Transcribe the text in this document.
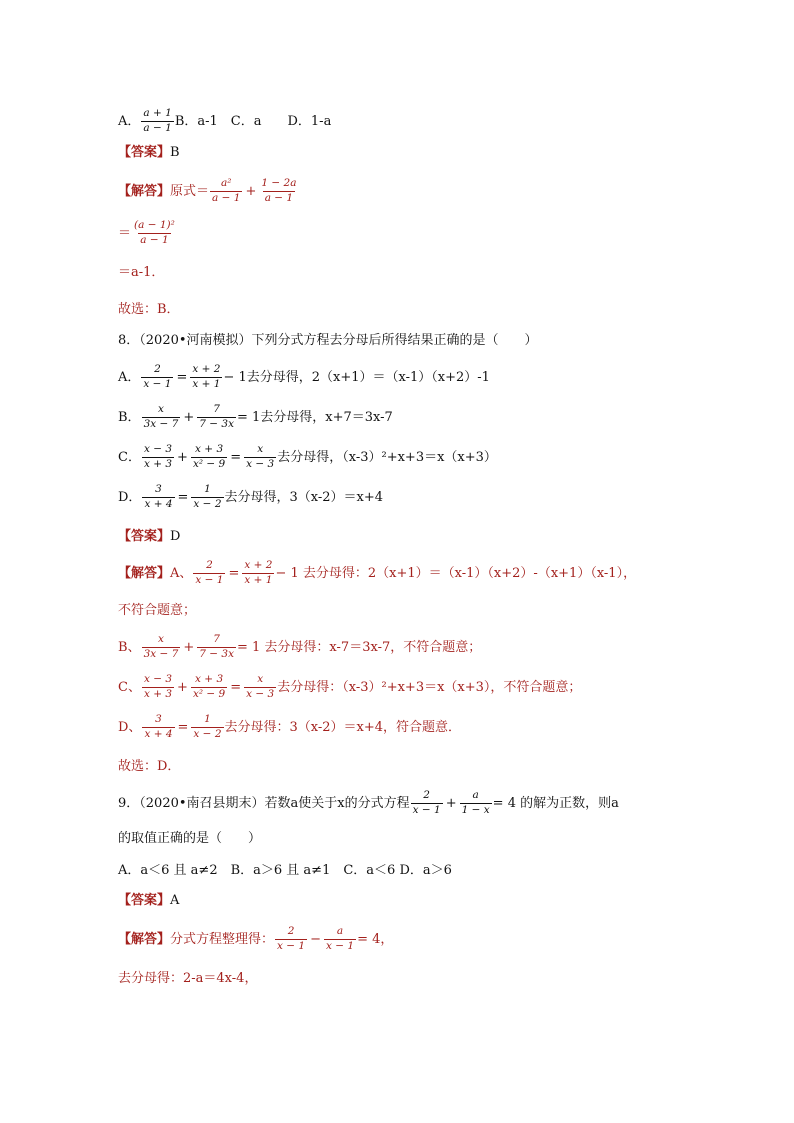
A． $\frac{a + 1}{a - 1}$ B．a-1　C．a　　D．1-a
【答案】 B
【解答】 原式＝ $\frac{\text{a²}}{a - 1} + \frac{1 - 2a}{a - 1}$
＝ $\frac{\text{(a − 1)²}}{a - 1}$
＝a-1．
故选：B．
8．（2020•河南模拟）下列分式方程去分母后所得结果正确的是（　　）
A． $\frac{2}{x - 1} = \frac{x + 2}{x + 1} - 1$去分母得，2（x+1）＝（x-1）（x+2）-1
B． $\frac{x}{3x - 7} + \frac{7}{7 - 3x} = 1$去分母得，x+7＝3x-7
C． $\frac{x - 3}{x + 3} + \frac{x + 3}{\text{x² − 9}} = \frac{x}{x - 3}$ 去分母得，（x-3）²+x+3＝x（x+3）
D． $\frac{3}{x + 4} = \frac{1}{x - 2}$ 去分母得，3（x-2）＝x+4
【答案】 D
【解答】 A、 $\frac{2}{x - 1} = \frac{x + 2}{x + 1} - 1$ 去分母得：2（x+1）＝（x-1）（x+2）-（x+1）（x-1），
不符合题意；
B、 $\frac{x}{3x - 7} + \frac{7}{7 - 3x} = 1$ 去分母得：x-7＝3x-7，不符合题意；
C、 $\frac{x - 3}{x + 3} + \frac{x + 3}{\text{x² − 9}} = \frac{x}{x - 3}$ 去分母得：（x-3）²+x+3＝x（x+3），不符合题意；
D、 $\frac{3}{x + 4} = \frac{1}{x - 2}$ 去分母得：3（x-2）＝x+4，符合题意．
故选：D．
9．（2020•南召县期末）若数a使关于x的分式方程 $\frac{2}{x - 1} + \frac{a}{1 - x} = 4$ 的解为正数，则a
的取值正确的是（　　）
A．a＜6 且 a≠2　B．a＞6 且 a≠1　C．a＜6 D．a＞6
【答案】 A
【解答】 分式方程整理得： $\frac{2}{x - 1} - \frac{a}{x - 1} = 4$，
去分母得：2-a＝4x-4，
